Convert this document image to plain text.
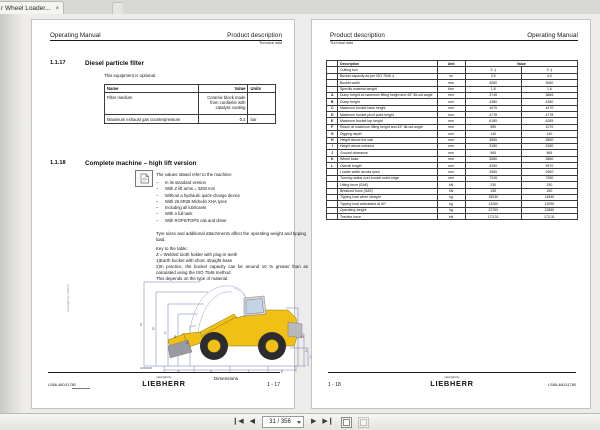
r Wheel Loader... ×
Operating Manual	Product description
Technical data
1.1.17	Diesel particle filter
This equipment is optional.
Name	Value	Units
Filter medium	Ceramic block made from cordierite with catalytic coating	
Maximum exhaust gas counterpressure	0.2	bar
1.1.18	Complete machine – high lift version
The values stated refer to the machine:
–	In its standard version
–	With Z lift arms = 3250 mm
–	Without a hydraulic quick-change device
–	With 26.5R25 Michelin XHA tyres
–	Including all lubricants
–	With a full tank
–	With ROPS/FOPS cab and driver
Tyre sizes and additional attachments affect the operating weight and tipping load.
Key to the table:
Z = Welded tooth holder with plug-in teeth
1)Earth bucket with short, straight base
2)In practice, the bucket capacity can be around 10 % greater than as calculated using the ISO 7546 method.
This depends on the type of material.
E
D
C
B
A
H
J
I
F
LMS0003
Dimensions
copyright by Liebherr
LS66-460/11780
copyright by
LIEBHERR	1 - 17
Product description	Operating Manual
Technical data
	Description	Unit	Value	
	Cutting tool		Z ¹)	Z ¹)
	Bucket capacity as per ISO 7546 ²)	m³	3.5	4.0
	Bucket width	mm	3060	3060
	Specific material weight	t/m³	1.8	1.6
A	Dump height at maximum lifting height and 45° tilt-out angle	mm	3745	3665
B	Dump height	mm	4380	4380
C	Maximum bucket base height	mm	4470	4470
D	Maximum bucket pivot point height	mm	4778	4778
E	Maximum bucket top height	mm	6180	6285
F	Reach at maximum lifting height and 45° tilt-out angle	mm	980	1070
G	Digging depth	mm	140	140
H	Height above the cab	mm	3550	3550
I	Height above exhaust	mm	3180	3180
J	Ground clearance	mm	565	565
K	Wheel base	mm	3580	3580
L	Overall length	mm	9250	9370
	Loader width across tyres	mm	2960	2960
	Turning radius over bucket outer edge	mm	7245	7280
	Lifting force (SAE)	kN	230	230
	Breakout force (SAE)	kN	155	150
	Tipping load when straight	kg	15030	14840
	Tipping load articulated at 40°	kg	13260	13090
	Operating weight	kg	22750	22860
	Tractive force	kN	173.31	173.31
1 - 18
copyright by
LIEBHERR	LS66-460/11780
❙◀ ◀	31 / 356	▶ ▶❙
